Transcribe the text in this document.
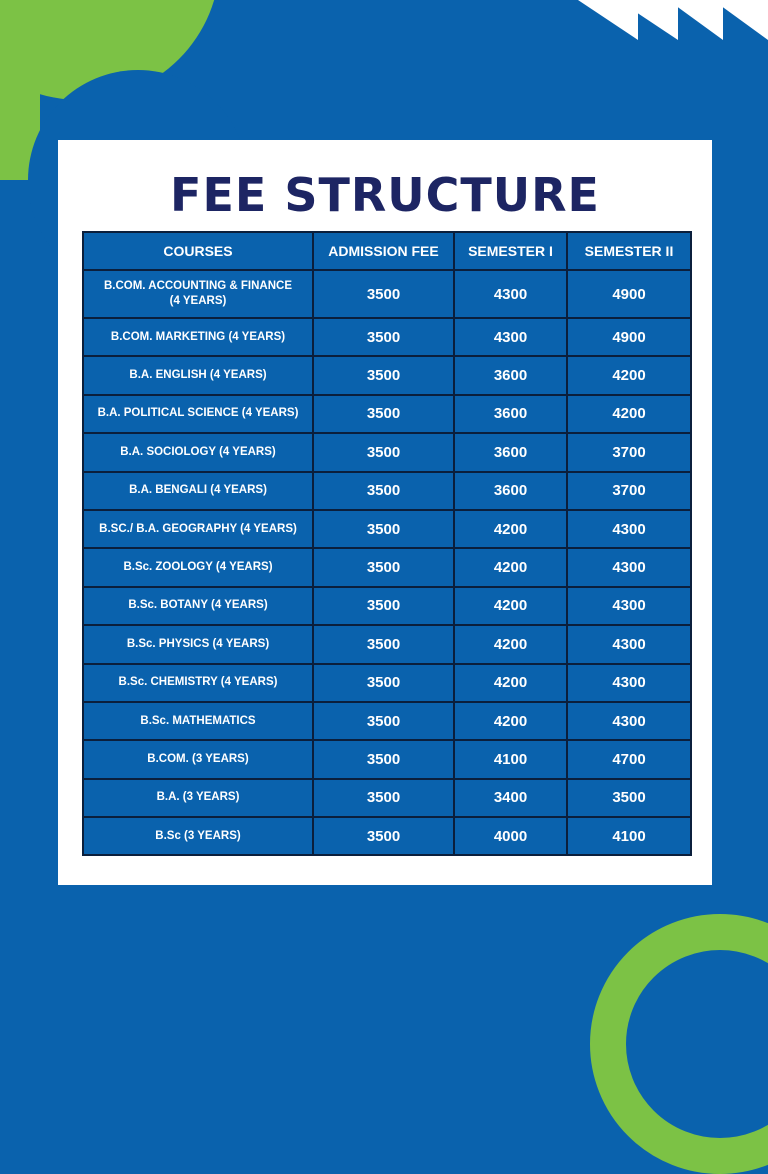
FEE STRUCTURE
COURSES	ADMISSION FEE	SEMESTER I	SEMESTER II
B.COM. ACCOUNTING & FINANCE
(4 YEARS)	3500	4300	4900
B.COM. MARKETING (4 YEARS)	3500	4300	4900
B.A. ENGLISH (4 YEARS)	3500	3600	4200
B.A. POLITICAL SCIENCE (4 YEARS)	3500	3600	4200
B.A. SOCIOLOGY (4 YEARS)	3500	3600	3700
B.A. BENGALI (4 YEARS)	3500	3600	3700
B.SC./ B.A. GEOGRAPHY (4 YEARS)	3500	4200	4300
B.Sc. ZOOLOGY (4 YEARS)	3500	4200	4300
B.Sc. BOTANY (4 YEARS)	3500	4200	4300
B.Sc. PHYSICS (4 YEARS)	3500	4200	4300
B.Sc. CHEMISTRY (4 YEARS)	3500	4200	4300
B.Sc. MATHEMATICS	3500	4200	4300
B.COM. (3 YEARS)	3500	4100	4700
B.A. (3 YEARS)	3500	3400	3500
B.Sc (3 YEARS)	3500	4000	4100
